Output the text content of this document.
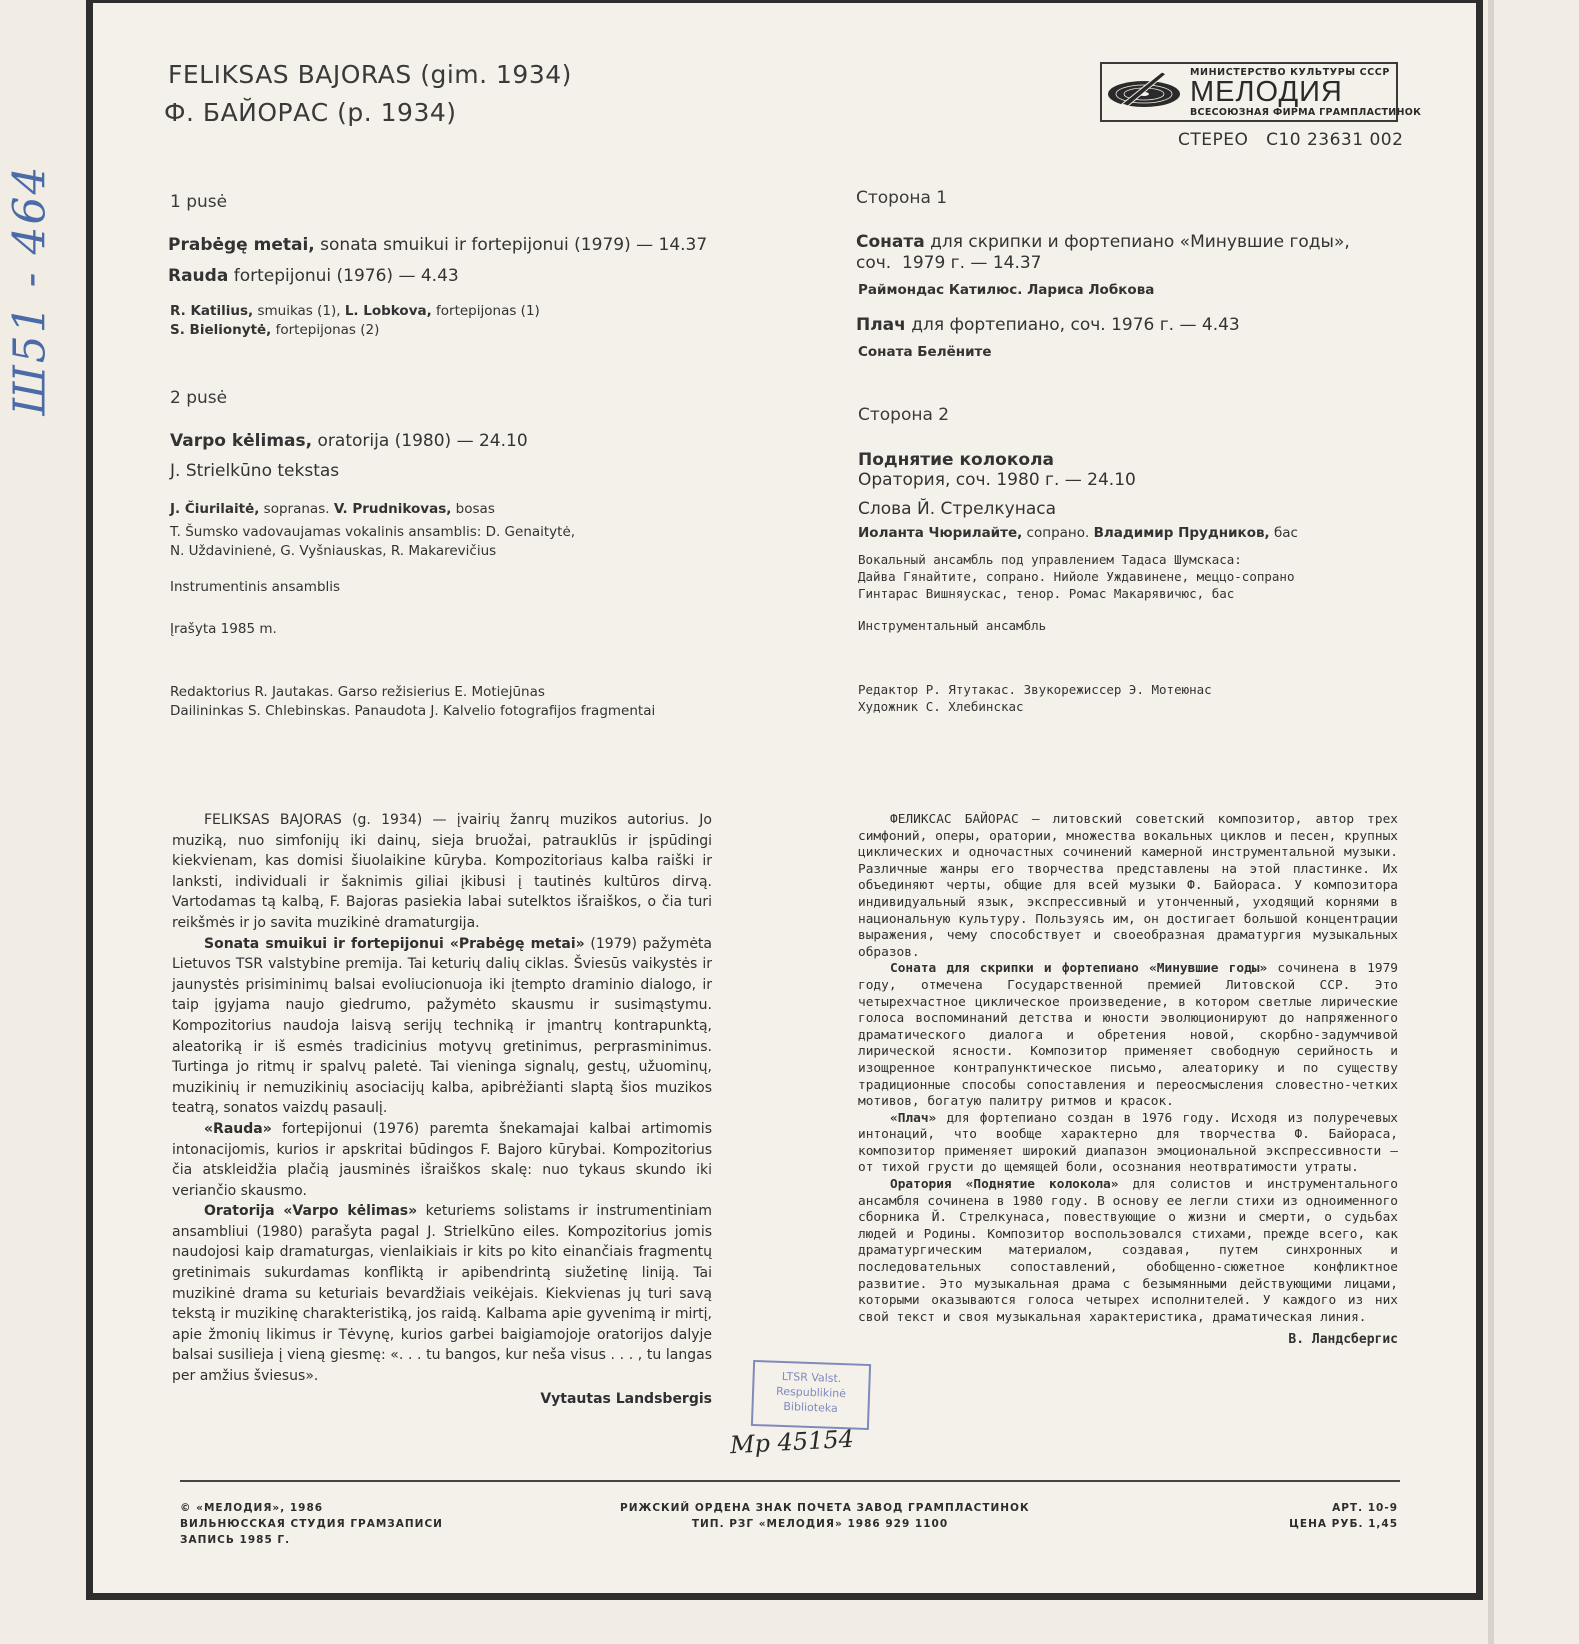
Ш51 - 464
FELIKSAS BAJORAS (gim. 1934)
Ф. БАЙОРАС (р. 1934)
МИНИСТЕРСТВО КУЛЬТУРЫ СССР
МЕЛОДИЯ
ВСЕСОЮЗНАЯ ФИРМА ГРАМПЛАСТИНОК
СТЕРЕО   С10 23631 002
1 pusė
Prabėgę metai, sonata smuikui ir fortepijonui (1979) — 14.37
Rauda fortepijonui (1976) — 4.43
R. Katilius, smuikas (1), L. Lobkova, fortepijonas (1)
S. Bielionytė, fortepijonas (2)
2 pusė
Varpo kėlimas, oratorija (1980) — 24.10
J. Strielkūno tekstas
J. Čiurilaitė, sopranas. V. Prudnikovas, bosas
T. Šumsko vadovaujamas vokalinis ansamblis: D. Genaitytė,
N. Uždavinienė, G. Vyšniauskas, R. Makarevičius
Instrumentinis ansamblis
Įrašyta 1985 m.
Redaktorius R. Jautakas. Garso režisierius E. Motiejūnas
Dailininkas S. Chlebinskas. Panaudota J. Kalvelio fotografijos fragmentai
Сторона 1
Соната для скрипки и фортепиано «Минувшие годы»,
соч.  1979 г. — 14.37
Раймондас Катилюс. Лариса Лобкова
Плач для фортепиано, соч. 1976 г. — 4.43
Соната Белёните
Сторона 2
Поднятие колокола
Оратория, соч. 1980 г. — 24.10
Слова Й. Стрелкунаса
Иоланта Чюрилайте, сопрано. Владимир Прудников, бас
Вокальный ансамбль под управлением Тадаса Шумскаса:
Дайва Гянайтите, сопрано. Нийоле Уждавинене, меццо-сопрано
Гинтарас Вишняускас, тенор. Ромас Макарявичюс, бас
Инструментальный ансамбль
Редактор Р. Ятутакас. Звукорежиссер Э. Мотеюнас
Художник С. Хлебинскас

FELIKSAS BAJORAS (g. 1934) — įvairių žanrų muzikos autorius. Jo muziką, nuo simfonijų iki dainų, sieja bruožai, patrauklūs ir įspūdingi kiekvienam, kas domisi šiuolaikine kūryba. Kompozitoriaus kalba raiški ir lanksti, individuali ir šaknimis giliai įkibusi į tautinės kultūros dirvą. Vartodamas tą kalbą, F. Bajoras pasiekia labai sutelktos išraiškos, o čia turi reikšmės ir jo savita muzikinė dramaturgija.

Sonata smuikui ir fortepijonui «Prabėgę metai» (1979) pažymėta Lietuvos TSR valstybine premija. Tai keturių dalių ciklas. Šviesūs vaikystės ir jaunystės prisiminimų balsai evoliucionuoja iki įtempto draminio dialogo, ir taip įgyjama naujo giedrumo, pažymėto skausmu ir susimąstymu. Kompozitorius naudoja laisvą serijų techniką ir įmantrų kontrapunktą, aleatoriką ir iš esmės tradicinius motyvų gretinimus, perprasminimus. Turtinga jo ritmų ir spalvų paletė. Tai vieninga signalų, gestų, užuominų, muzikinių ir nemuzikinių asociacijų kalba, apibrėžianti slaptą šios muzikos teatrą, sonatos vaizdų pasaulį.

«Rauda» fortepijonui (1976) paremta šnekamajai kalbai artimomis intonacijomis, kurios ir apskritai būdingos F. Bajoro kūrybai. Kompozitorius čia atskleidžia plačią jausminės išraiškos skalę: nuo tykaus skundo iki veriančio skausmo.

Oratorija «Varpo kėlimas» keturiems solistams ir instrumentiniam ansambliui (1980) parašyta pagal J. Strielkūno eiles. Kompozitorius jomis naudojosi kaip dramaturgas, vienlaikiais ir kits po kito einančiais fragmentų gretinimais sukurdamas konfliktą ir apibendrintą siužetinę liniją. Tai muzikinė drama su keturiais bevardžiais veikėjais. Kiekvienas jų turi savą tekstą ir muzikinę charakteristiką, jos raidą. Kalbama apie gyvenimą ir mirtį, apie žmonių likimus ir Tėvynę, kurios garbei baigiamojoje oratorijos dalyje balsai susilieja į vieną giesmę: «. . . tu bangos, kur neša visus . . . , tu langas per amžius šviesus».

Vytautas Landsbergis

ФЕЛИКСАС БАЙОРАС — литовский советский композитор, автор трех симфоний, оперы, оратории, множества вокальных циклов и песен, крупных циклических и одночастных сочинений камерной инструментальной музыки. Различные жанры его творчества представлены на этой пластинке. Их объединяют черты, общие для всей музыки Ф. Байораса. У композитора индивидуальный язык, экспрессивный и утонченный, уходящий корнями в национальную культуру. Пользуясь им, он достигает большой концентрации выражения, чему способствует и своеобразная драматургия музыкальных образов.

Соната для скрипки и фортепиано «Минувшие годы» сочинена в 1979 году, отмечена Государственной премией Литовской ССР. Это четырехчастное циклическое произведение, в котором светлые лирические голоса воспоминаний детства и юности эволюционируют до напряженного драматического диалога и обретения новой, скорбно-задумчивой лирической ясности. Композитор применяет свободную серийность и изощренное контрапунктическое письмо, алеаторику и по существу традиционные способы сопоставления и переосмысления словестно-четких мотивов, богатую палитру ритмов и красок.

«Плач» для фортепиано создан в 1976 году. Исходя из полуречевых интонаций, что вообще характерно для творчества Ф. Байораса, композитор применяет широкий диапазон эмоциональной экспрессивности — от тихой грусти до щемящей боли, осознания неотвратимости утраты.

Оратория «Поднятие колокола» для солистов и инструментального ансамбля сочинена в 1980 году. В основу ее легли стихи из одноименного сборника Й. Стрелкунаса, повествующие о жизни и смерти, о судьбах людей и Родины. Композитор воспользовался стихами, прежде всего, как драматургическим материалом, создавая, путем синхронных и последовательных сопоставлений, обобщенно-сюжетное конфликтное развитие. Это музыкальная драма с безымянными действующими лицами, которыми оказываются голоса четырех исполнителей. У каждого из них свой текст и своя музыкальная характеристика, драматическая линия.

В. Ландсбергис
LTSR Valst.
Respublikinė
Biblioteka
Мр 45154
© «МЕЛОДИЯ», 1986
ВИЛЬНЮССКАЯ СТУДИЯ ГРАМЗАПИСИ
ЗАПИСЬ 1985 Г.
РИЖСКИЙ ОРДЕНА ЗНАК ПОЧЕТА ЗАВОД ГРАМПЛАСТИНОК
ТИП. РЗГ «МЕЛОДИЯ» 1986 929 1100
АРТ. 10-9
ЦЕНА РУБ. 1,45
